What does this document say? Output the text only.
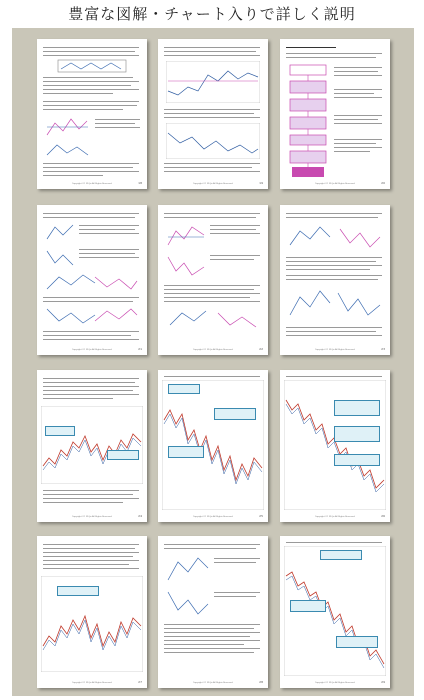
豊富な図解・チャート入りで詳しく説明
Copyright (C) FX-Jin All Rights Reserved.	18	Copyright (C) FX-Jin All Rights Reserved.	19	Copyright (C) FX-Jin All Rights Reserved.	20
Copyright (C) FX-Jin All Rights Reserved.	21	Copyright (C) FX-Jin All Rights Reserved.	22	Copyright (C) FX-Jin All Rights Reserved.	23
Copyright (C) FX-Jin All Rights Reserved.	24	Copyright (C) FX-Jin All Rights Reserved.	25	Copyright (C) FX-Jin All Rights Reserved.	26
Copyright (C) FX-Jin All Rights Reserved.	27	Copyright (C) FX-Jin All Rights Reserved.	28	Copyright (C) FX-Jin All Rights Reserved.	29
